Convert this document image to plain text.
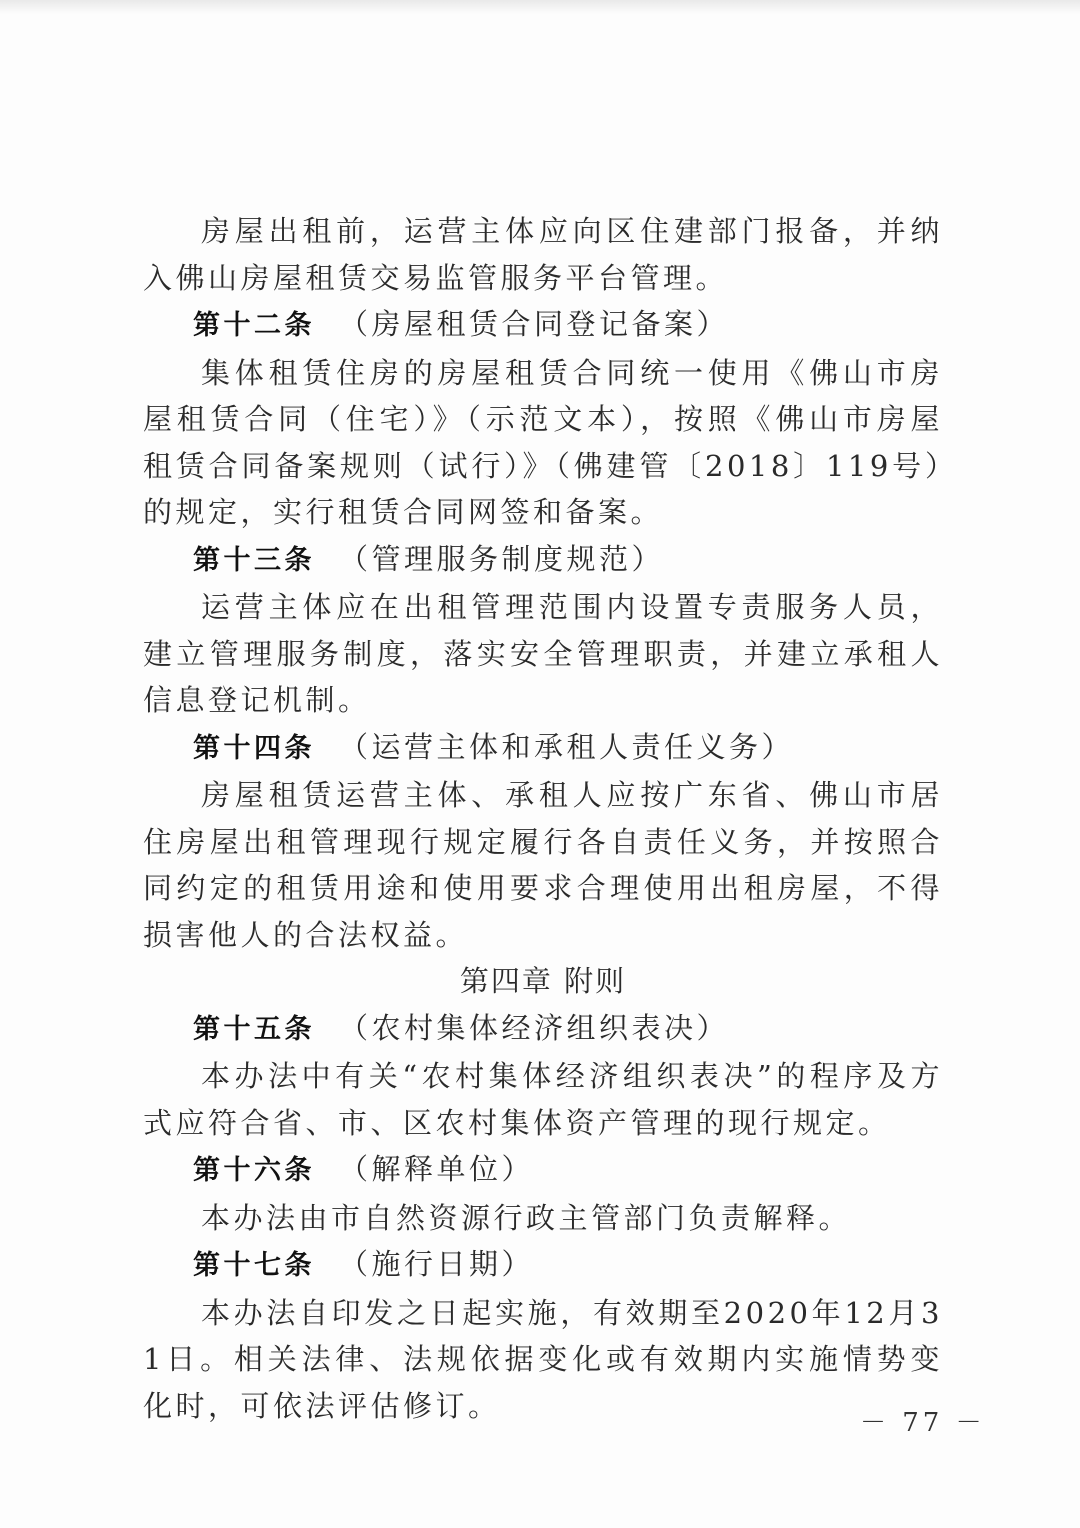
房屋出租前，运营主体应向区住建部门报备，并纳入佛山房屋租赁交易监管服务平台管理。

第十二条 （房屋租赁合同登记备案）

集体租赁住房的房屋租赁合同统一使用《佛山市房屋租赁合同（住宅）》（示范文本），按照《佛山市房屋租赁合同备案规则（试行）》（佛建管〔2018〕119号）的规定，实行租赁合同网签和备案。

第十三条 （管理服务制度规范）

运营主体应在出租管理范围内设置专责服务人员，建立管理服务制度，落实安全管理职责，并建立承租人信息登记机制。

第十四条 （运营主体和承租人责任义务）

房屋租赁运营主体、承租人应按广东省、佛山市居住房屋出租管理现行规定履行各自责任义务，并按照合同约定的租赁用途和使用要求合理使用出租房屋，不得损害他人的合法权益。

第四章 附则

第十五条 （农村集体经济组织表决）

本办法中有关“农村集体经济组织表决”的程序及方式应符合省、市、区农村集体资产管理的现行规定。

第十六条 （解释单位）

本办法由市自然资源行政主管部门负责解释。

第十七条 （施行日期）

本办法自印发之日起实施，有效期至2020年12月31日。相关法律、法规依据变化或有效期内实施情势变化时，可依法评估修订。

－ 77 －
